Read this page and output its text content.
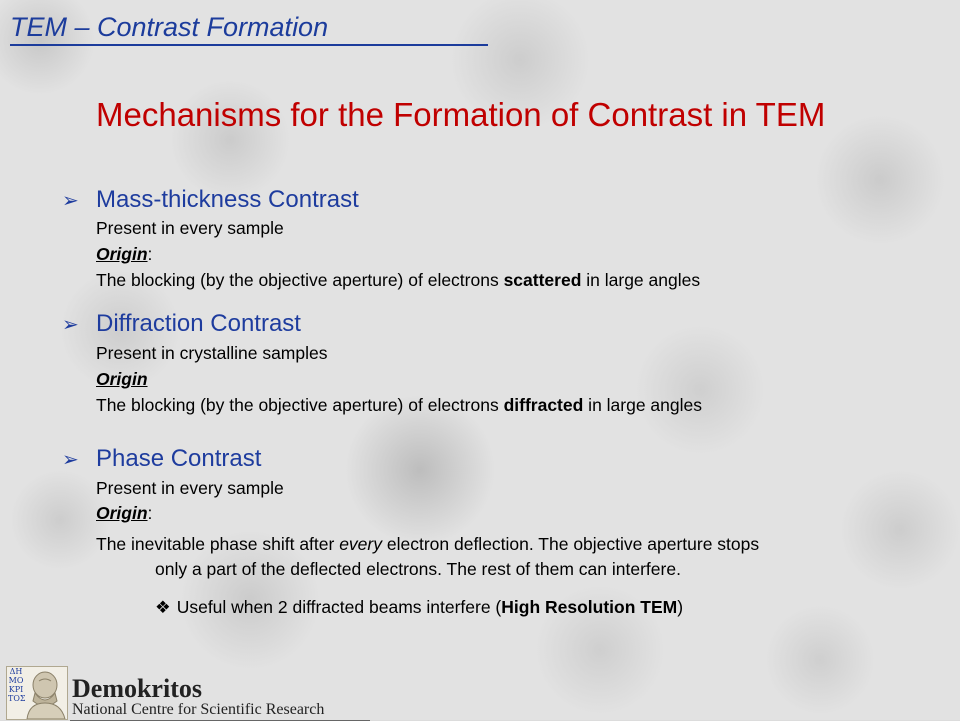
TEM – Contrast Formation
Mechanisms for the Formation of Contrast in TEM
➢ Mass-thickness Contrast
Present in every sample
Origin:
The blocking (by the objective aperture) of electrons scattered in large angles
➢ Diffraction Contrast
Present in crystalline samples
Origin
The blocking (by the objective aperture) of electrons diffracted in large angles
➢ Phase Contrast
Present in every sample
Origin:
The inevitable phase shift after every electron deflection. The objective aperture stops
only a part of the deflected electrons. The rest of them can interfere.
❖ Useful when 2 diffracted beams interfere (High Resolution TEM)
ΔΗ ΜΟ ΚΡΙ ΤΟΣ Demokritos
National Centre for Scientific Research
